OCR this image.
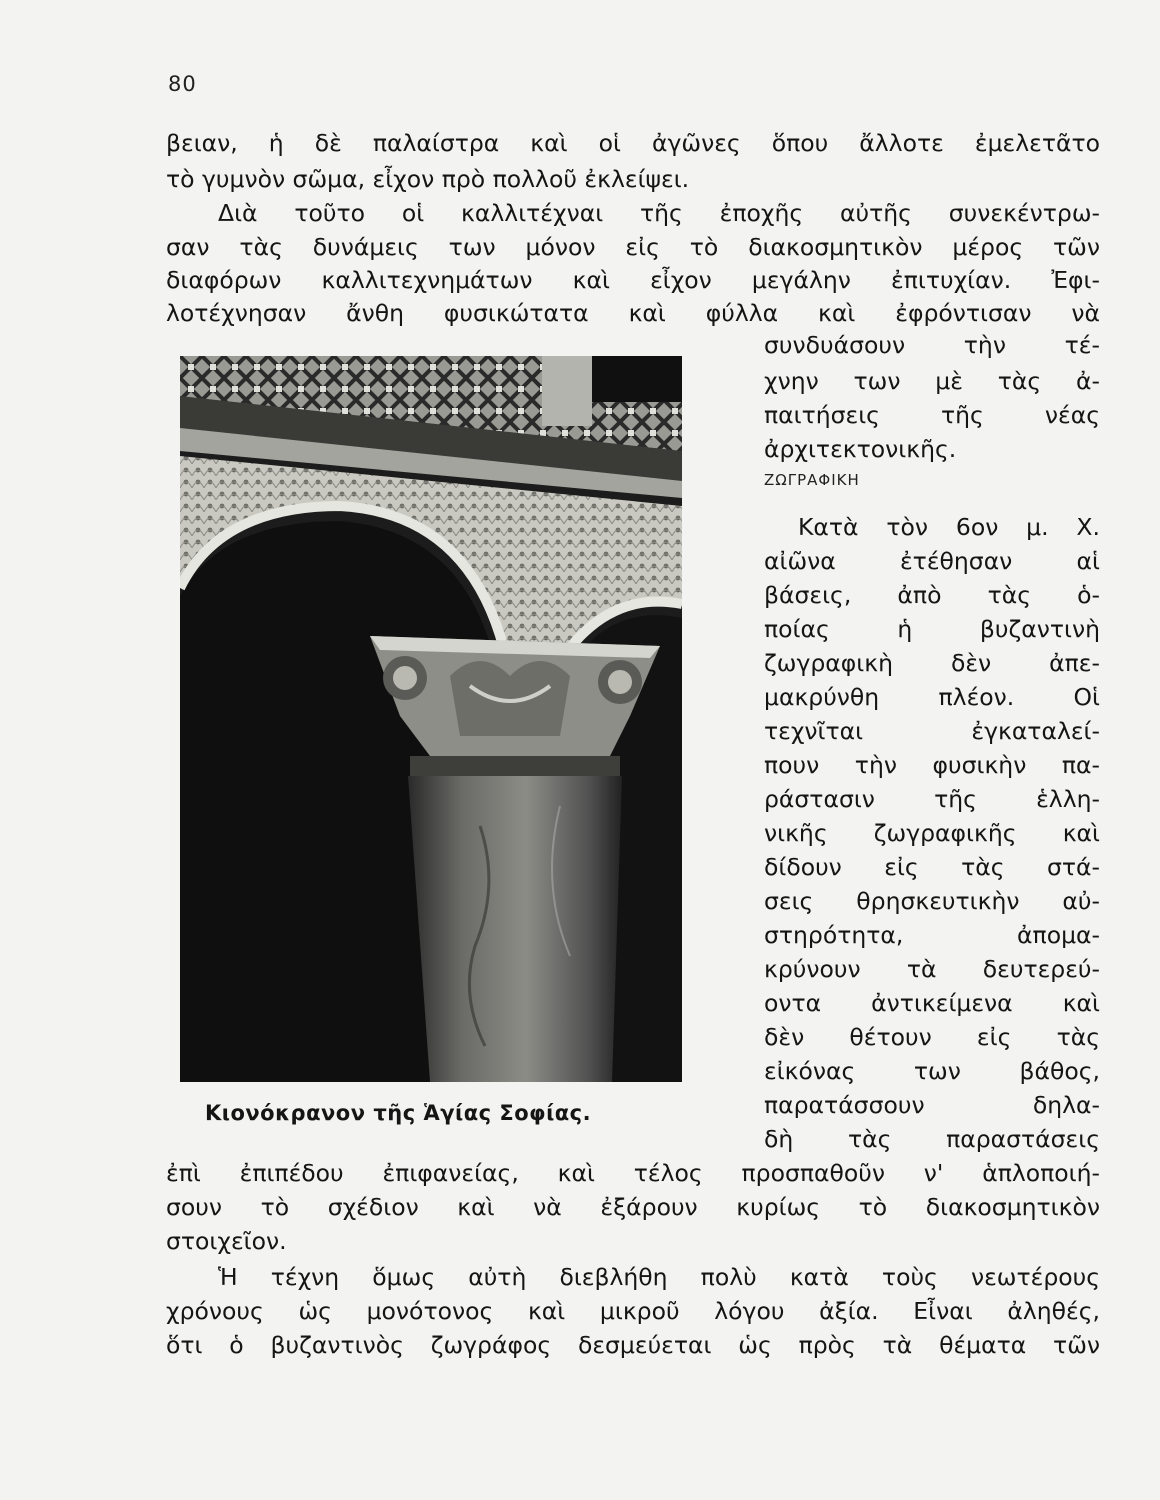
80
βειαν, ἡ δὲ παλαίστρα καὶ οἱ ἀγῶνες ὅπου ἄλλοτε ἐμελετᾶτο
τὸ γυμνὸν σῶμα, εἶχον πρὸ πολλοῦ ἐκλείψει.
Διὰ τοῦτο οἱ καλλιτέχναι τῆς ἐποχῆς αὐτῆς συνεκέντρω-
σαν τὰς δυνάμεις των μόνον εἰς τὸ διακοσμητικὸν μέρος τῶν
διαφόρων καλλιτεχνημάτων καὶ εἶχον μεγάλην ἐπιτυχίαν. Ἐφι-
λοτέχνησαν ἄνθη φυσικώτατα καὶ φύλλα καὶ ἐφρόντισαν νὰ
συνδυάσουν τὴν τέ-
χνην των μὲ τὰς ἀ-
παιτήσεις τῆς νέας
ἀρχιτεκτονικῆς.
ΖΩΓΡΑΦΙΚΗ
Κατὰ τὸν 6ον μ. Χ.
αἰῶνα ἐτέθησαν αἱ
βάσεις, ἀπὸ τὰς ὁ-
ποίας ἡ βυζαντινὴ
ζωγραφικὴ δὲν ἀπε-
μακρύνθη πλέον. Οἱ
τεχνῖται ἐγκαταλεί-
πουν τὴν φυσικὴν πα-
ράστασιν τῆς ἑλλη-
νικῆς ζωγραφικῆς καὶ
δίδουν εἰς τὰς στά-
σεις θρησκευτικὴν αὐ-
στηρότητα, ἀπομα-
κρύνουν τὰ δευτερεύ-
οντα ἀντικείμενα καὶ
δὲν θέτουν εἰς τὰς
εἰκόνας των βάθος,
παρατάσσουν δηλα-
δὴ τὰς παραστάσεις
Κιονόκρανον τῆς Ἁγίας Σοφίας.
ἐπὶ ἐπιπέδου ἐπιφανείας, καὶ τέλος προσπαθοῦν ν' ἁπλοποιή-
σουν τὸ σχέδιον καὶ νὰ ἐξάρουν κυρίως τὸ διακοσμητικὸν
στοιχεῖον.
Ἡ τέχνη ὅμως αὐτὴ διεβλήθη πολὺ κατὰ τοὺς νεωτέρους
χρόνους ὡς μονότονος καὶ μικροῦ λόγου ἀξία. Εἶναι ἀληθές,
ὅτι ὁ βυζαντινὸς ζωγράφος δεσμεύεται ὡς πρὸς τὰ θέματα τῶν
